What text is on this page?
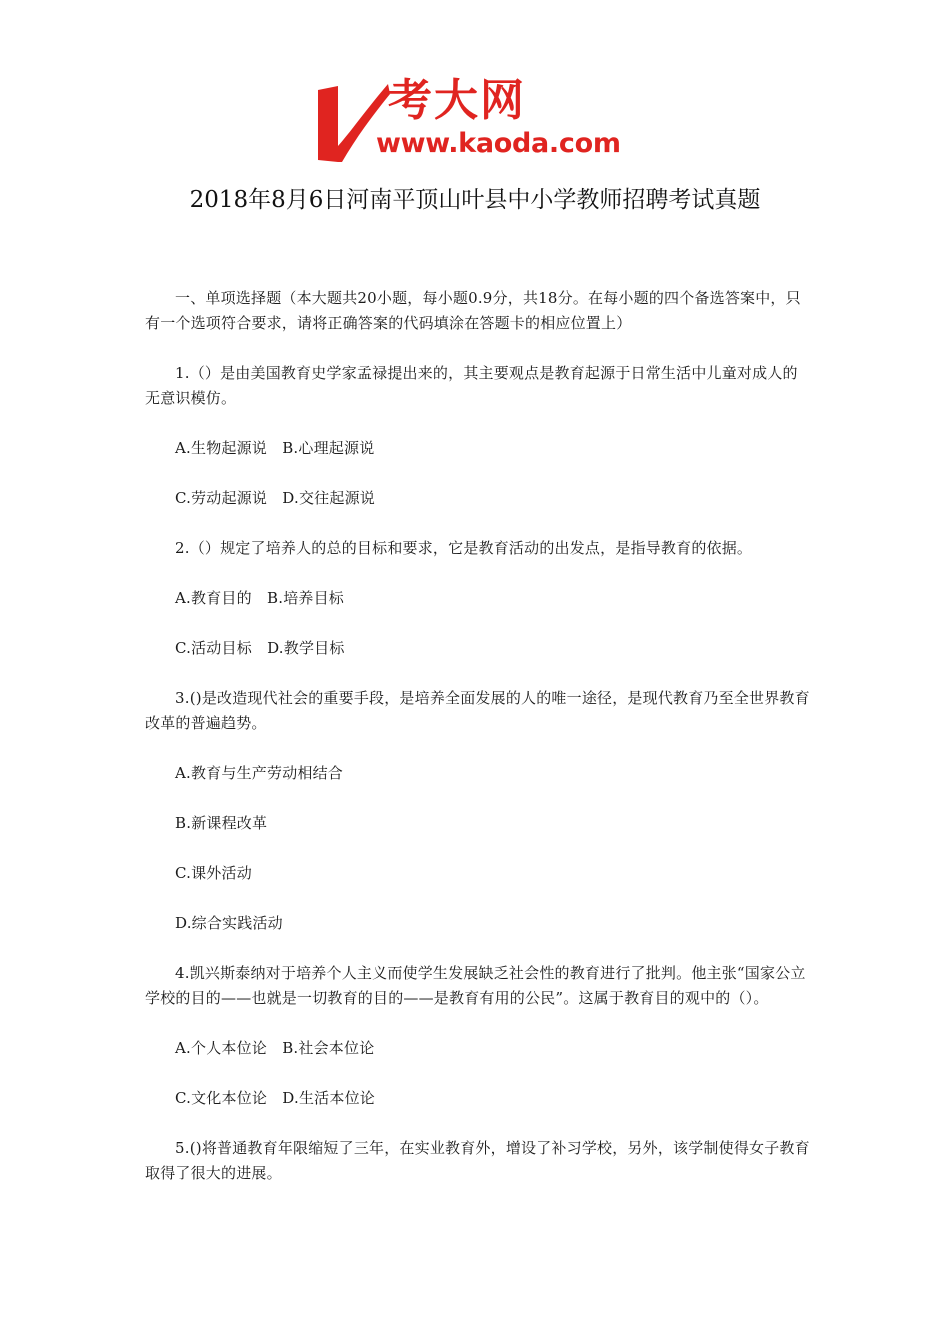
考大网
www.kaoda.com
2018年8月6日河南平顶山叶县中小学教师招聘考试真题

一、单项选择题（本大题共20小题，每小题0.9分，共18分。在每小题的四个备选答案中，只有一个选项符合要求，请将正确答案的代码填涂在答题卡的相应位置上）

1.（）是由美国教育史学家孟禄提出来的，其主要观点是教育起源于日常生活中儿童对成人的无意识模仿。

A.生物起源说　B.心理起源说

C.劳动起源说　D.交往起源说

2.（）规定了培养人的总的目标和要求，它是教育活动的出发点，是指导教育的依据。

A.教育目的　B.培养目标

C.活动目标　D.教学目标

3.()是改造现代社会的重要手段，是培养全面发展的人的唯一途径，是现代教育乃至全世界教育改革的普遍趋势。

A.教育与生产劳动相结合

B.新课程改革

C.课外活动

D.综合实践活动

4.凯兴斯泰纳对于培养个人主义而使学生发展缺乏社会性的教育进行了批判。他主张“国家公立学校的目的——也就是一切教育的目的——是教育有用的公民”。这属于教育目的观中的（）。

A.个人本位论　B.社会本位论

C.文化本位论　D.生活本位论

5.()将普通教育年限缩短了三年，在实业教育外，增设了补习学校，另外，该学制使得女子教育取得了很大的进展。
